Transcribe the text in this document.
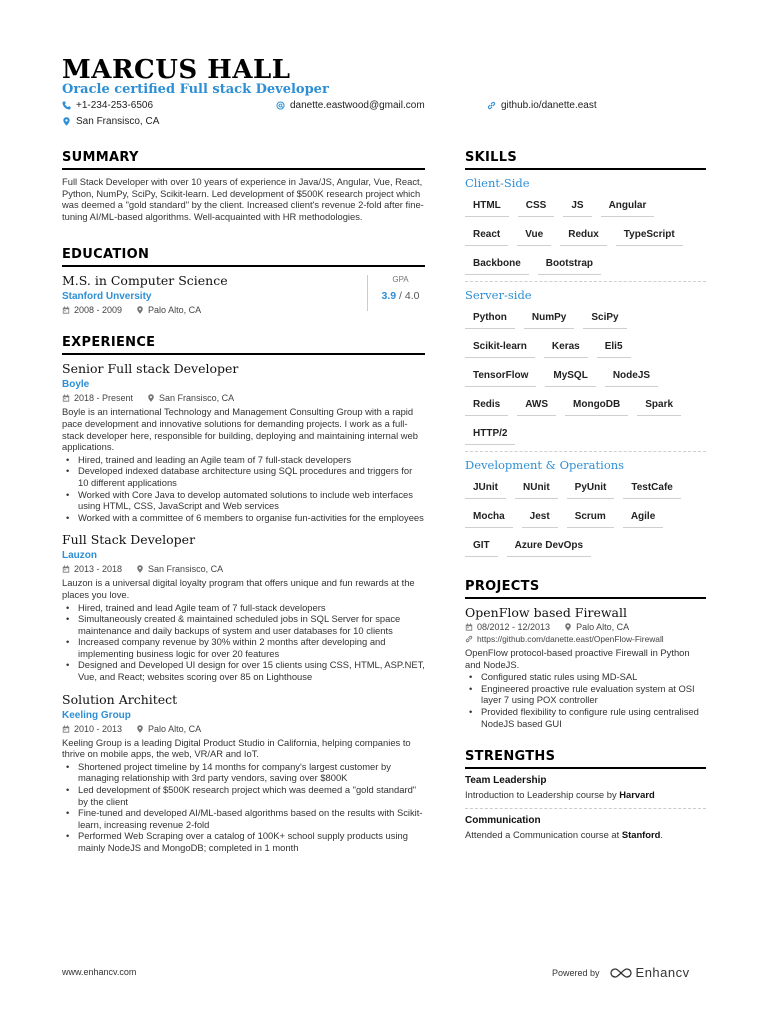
MARCUS HALL
Oracle certified Full stack Developer
+1-234-253-6506	danette.eastwood@gmail.com	github.io/danette.east
San Fransisco, CA
SUMMARY
Full Stack Developer with over 10 years of experience in Java/JS, Angular, Vue, React, Python, NumPy, SciPy, Scikit-learn. Led development of $500K research project which was deemed a "gold standard" by the client. Increased client's revenue 2-fold after fine-tuning AI/ML-based algorithms. Well-acquainted with HR methodologies.
EDUCATION
M.S. in Computer Science
Stanford Unversity
2008 - 2009	Palo Alto, CA
GPA
3.9 / 4.0
EXPERIENCE
Senior Full stack Developer
Boyle
2018 - Present	San Fransisco, CA
Boyle is an international Technology and Management Consulting Group with a rapid pace development and innovative solutions for demanding projects. I work as a full-stack developer here, responsible for building, deploying and maintaining internal web applications.
• Hired, trained and leading an Agile team of 7 full-stack developers
• Developed indexed database architecture using SQL procedures and triggers for 10 different applications
• Worked with Core Java to develop automated solutions to include web interfaces using HTML, CSS, JavaScript and Web services
• Worked with a committee of 6 members to organise fun-activities for the employees
Full Stack Developer
Lauzon
2013 - 2018	San Fransisco, CA
Lauzon is a universal digital loyalty program that offers unique and fun rewards at the places you love.
• Hired, trained and lead Agile team of 7 full-stack developers
• Simultaneously created & maintained scheduled jobs in SQL Server for space maintenance and daily backups of system and user databases for 10 clients
• Increased company revenue by 30% within 2 months after developing and implementing business logic for over 20 features
• Designed and Developed UI design for over 15 clients using CSS, HTML, ASP.NET, Vue, and React; websites scoring over 85 on Lighthouse
Solution Architect
Keeling Group
2010 - 2013	Palo Alto, CA
Keeling Group is a leading Digital Product Studio in California, helping companies to thrive on mobile apps, the web, VR/AR and IoT.
• Shortened project timeline by 14 months for company's largest customer by managing relationship with 3rd party vendors, saving over $800K
• Led development of $500K research project which was deemed a "gold standard" by the client
• Fine-tuned and developed AI/ML-based algorithms based on the results with Scikit-learn, increasing revenue 2-fold
• Performed Web Scraping over a catalog of 100K+ school supply products using mainly NodeJS and MongoDB; completed in 1 month
SKILLS
Client-Side
HTML	CSS	JS	Angular
React	Vue	Redux	TypeScript
Backbone	Bootstrap
Server-side
Python	NumPy	SciPy
Scikit-learn	Keras	Eli5
TensorFlow	MySQL	NodeJS
Redis	AWS	MongoDB	Spark
HTTP/2
Development & Operations
JUnit	NUnit	PyUnit	TestCafe
Mocha	Jest	Scrum	Agile
GIT	Azure DevOps
PROJECTS
OpenFlow based Firewall
08/2012 - 12/2013	Palo Alto, CA
https://github.com/danette.east/OpenFlow-Firewall
OpenFlow protocol-based proactive Firewall in Python and NodeJS.
• Configured static rules using MD-SAL
• Engineered proactive rule evaluation system at OSI layer 7 using POX controller
• Provided flexibility to configure rule using centralised NodeJS based GUI
STRENGTHS
Team Leadership
Introduction to Leadership course by Harvard
Communication
Attended a Communication course at Stanford.
www.enhancv.com	Powered by	Enhancv
